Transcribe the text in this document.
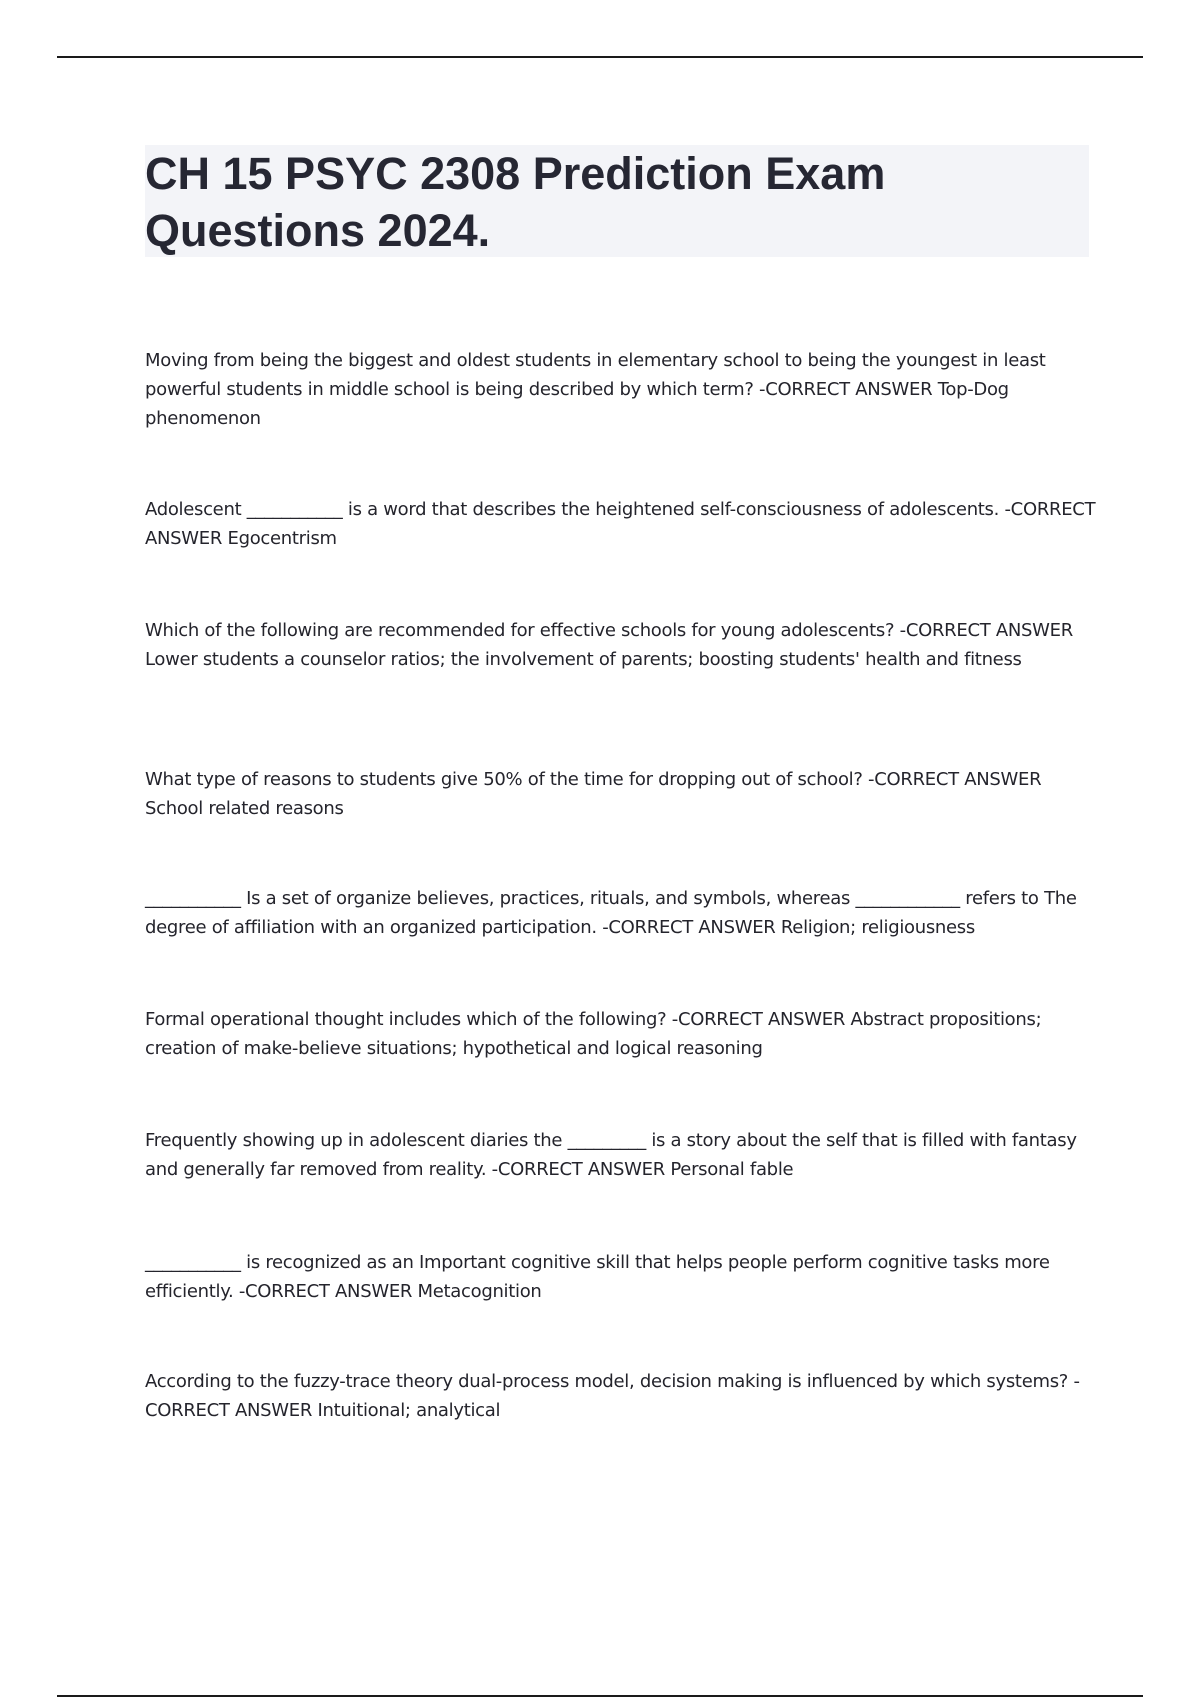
CH 15 PSYC 2308 Prediction Exam Questions 2024.

Moving from being the biggest and oldest students in elementary school to being the youngest in least powerful students in middle school is being described by which term? -CORRECT ANSWER Top-Dog phenomenon

Adolescent ___________ is a word that describes the heightened self-consciousness of adolescents. -CORRECT ANSWER Egocentrism

Which of the following are recommended for effective schools for young adolescents? -CORRECT ANSWER Lower students a counselor ratios; the involvement of parents; boosting students' health and fitness

What type of reasons to students give 50% of the time for dropping out of school? -CORRECT ANSWER School related reasons

___________ Is a set of organize believes, practices, rituals, and symbols, whereas ____________ refers to The degree of affiliation with an organized participation. -CORRECT ANSWER Religion; religiousness

Formal operational thought includes which of the following? -CORRECT ANSWER Abstract propositions; creation of make-believe situations; hypothetical and logical reasoning

Frequently showing up in adolescent diaries the _________ is a story about the self that is filled with fantasy and generally far removed from reality. -CORRECT ANSWER Personal fable

___________ is recognized as an Important cognitive skill that helps people perform cognitive tasks more efficiently. -CORRECT ANSWER Metacognition

According to the fuzzy-trace theory dual-process model, decision making is influenced by which systems? -CORRECT ANSWER Intuitional; analytical
